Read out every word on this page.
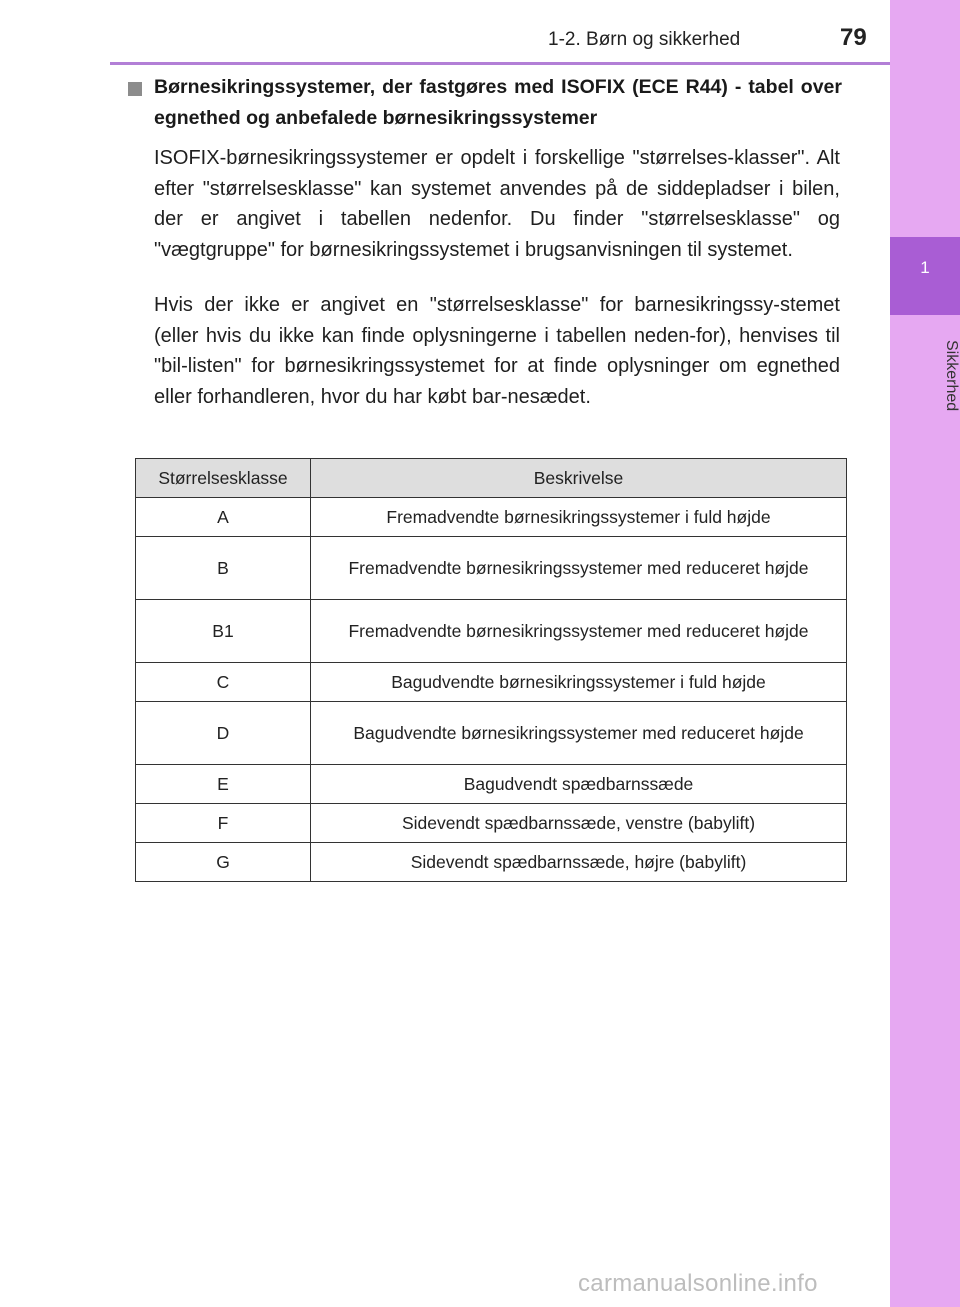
1
Sikkerhed
1-2. Børn og sikkerhed	79
Børnesikringssystemer, der fastgøres med ISOFIX (ECE R44) - tabel over egnethed og anbefalede børnesikringssystemer

ISOFIX-børnesikringssystemer er opdelt i forskellige "størrelses-klasser". Alt efter "størrelsesklasse" kan systemet anvendes på de siddepladser i bilen, der er angivet i tabellen nedenfor. Du finder "størrelsesklasse" og "vægtgruppe" for børnesikringssystemet i brugsanvisningen til systemet.

Hvis der ikke er angivet en "størrelsesklasse" for barnesikringssy-stemet (eller hvis du ikke kan finde oplysningerne i tabellen neden-for), henvises til "bil-listen" for børnesikringssystemet for at finde oplysninger om egnethed eller forhandleren, hvor du har købt bar-nesædet.

Størrelsesklasse	Beskrivelse
A	Fremadvendte børnesikringssystemer i fuld højde
B	Fremadvendte børnesikringssystemer med reduceret højde
B1	Fremadvendte børnesikringssystemer med reduceret højde
C	Bagudvendte børnesikringssystemer i fuld højde
D	Bagudvendte børnesikringssystemer med reduceret højde
E	Bagudvendt spædbarnssæde
F	Sidevendt spædbarnssæde, venstre (babylift)
G	Sidevendt spædbarnssæde, højre (babylift)
carmanualsonline.info
